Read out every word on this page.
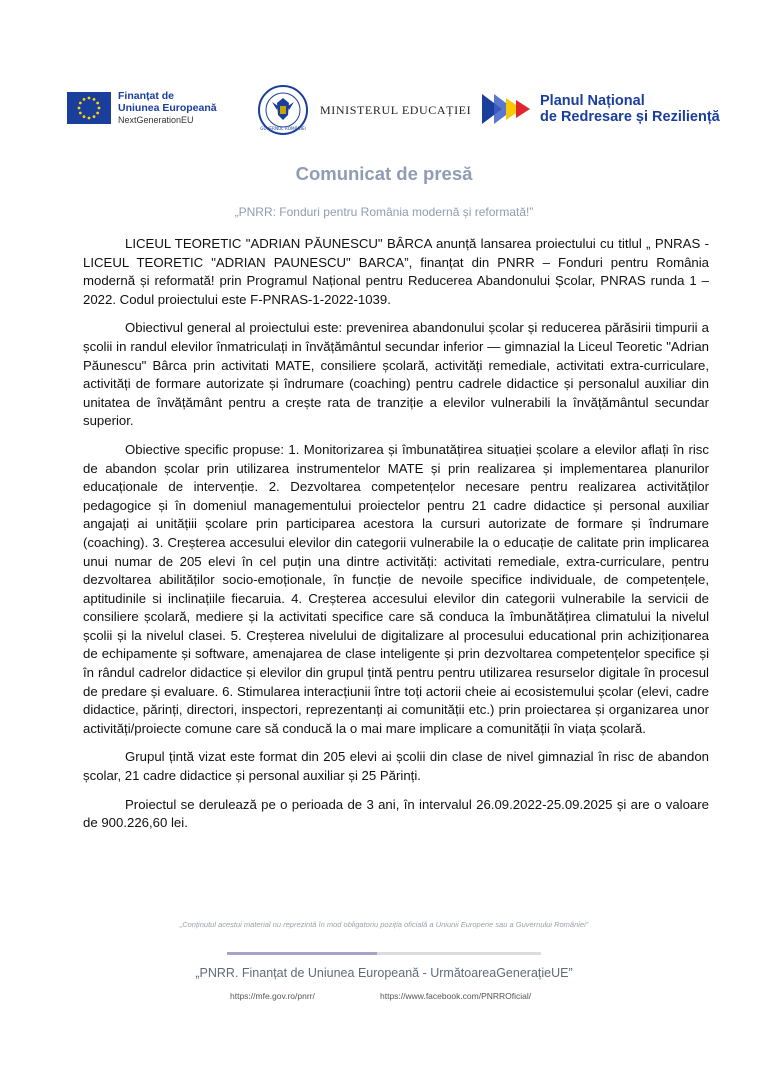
Finanțat de
Uniunea Europeană
NextGenerationEU
GUVERNUL ROMÂNIEI
MINISTERUL EDUCAȚIEI
Planul Național
de Redresare și Reziliență
Comunicat de presă
„PNRR: Fonduri pentru România modernă și reformată!”

LICEUL TEORETIC "ADRIAN PĂUNESCU" BÂRCA anunță lansarea proiectului cu titlul „ PNRAS - LICEUL TEORETIC "ADRIAN PAUNESCU" BARCA”, finanțat din PNRR – Fonduri pentru România modernă și reformată! prin Programul Național pentru Reducerea Abandonului Școlar, PNRAS runda 1 – 2022. Codul proiectului este F-PNRAS-1-2022-1039.

Obiectivul general al proiectului este: prevenirea abandonului școlar și reducerea părăsirii timpurii a școlii in randul elevilor înmatriculați in învățământul secundar inferior — gimnazial la Liceul Teoretic "Adrian Păunescu" Bârca prin activitati MATE, consiliere școlară, activități remediale, activitati extra-curriculare, activități de formare autorizate și îndrumare (coaching) pentru cadrele didactice și personalul auxiliar din unitatea de învățământ pentru a crește rata de tranziție a elevilor vulnerabili la învățământul secundar superior.

Obiective specific propuse: 1. Monitorizarea și îmbunatățirea situației școlare a elevilor aflați în risc de abandon școlar prin utilizarea instrumentelor MATE și prin realizarea și implementarea planurilor educaționale de intervenție. 2. Dezvoltarea competențelor necesare pentru realizarea activităților pedagogice și în domeniul managementului proiectelor pentru 21 cadre didactice și personal auxiliar angajați ai unitățiii școlare prin participarea acestora la cursuri autorizate de formare și îndrumare (coaching). 3. Creșterea accesului elevilor din categorii vulnerabile la o educație de calitate prin implicarea unui numar de 205 elevi în cel puțin una dintre activități: activitati remediale, extra-curriculare, pentru dezvoltarea abilităților socio-emoționale, în funcție de nevoile specifice individuale, de competențele, aptitudinile si inclinațiile fiecaruia. 4. Creșterea accesului elevilor din categorii vulnerabile la servicii de consiliere școlară, mediere și la activitati specifice care să conduca la îmbunătățirea climatului la nivelul școlii și la nivelul clasei. 5. Creșterea nivelului de digitalizare al procesului educational prin achiziționarea de echipamente și software, amenajarea de clase inteligente și prin dezvoltarea competențelor specifice și în rândul cadrelor didactice și elevilor din grupul țintă pentru pentru utilizarea resurselor digitale în procesul de predare și evaluare. 6. Stimularea interacțiunii între toți actorii cheie ai ecosistemului școlar (elevi, cadre didactice, părinți, directori, inspectori, reprezentanți ai comunității etc.) prin proiectarea și organizarea unor activități/proiecte comune care să conducă la o mai mare implicare a comunității în viața școlară.

Grupul țintă vizat este format din 205 elevi ai școlii din clase de nivel gimnazial în risc de abandon școlar, 21 cadre didactice și personal auxiliar și 25 Părinți.

Proiectul se derulează pe o perioada de 3 ani, în intervalul 26.09.2022-25.09.2025 și are o valoare de 900.226,60 lei.

„Conținutul acestui material nu reprezintă în mod obligatoriu poziția oficială a Uniunii Europene sau a Guvernului României”
„PNRR. Finanțat de Uniunea Europeană - UrmătoareaGenerațieUE”
https://mfe.gov.ro/pnrr/	https://www.facebook.com/PNRROficial/
